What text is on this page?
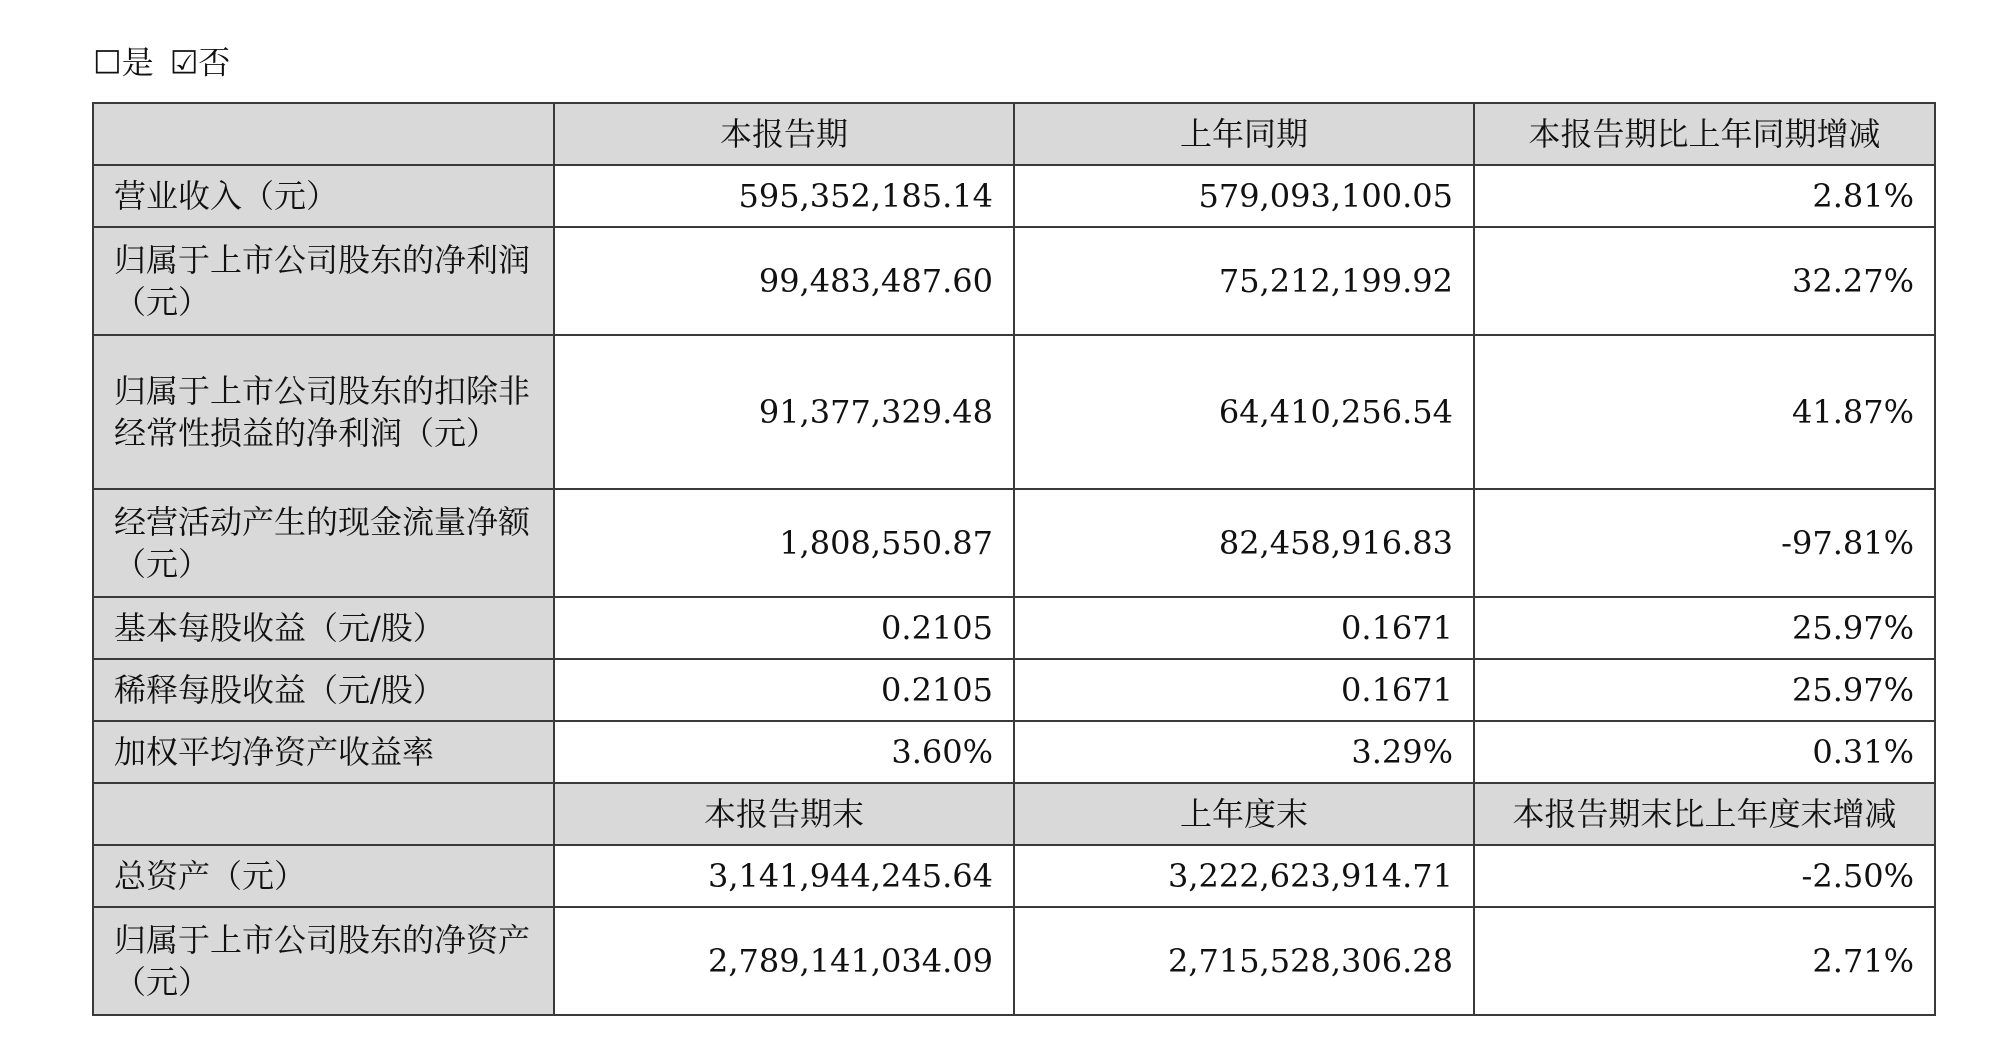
☐是 ☑否
	本报告期	上年同期	本报告期比上年同期增减
营业收入（元）	595,352,185.14	579,093,100.05	2.81%
归属于上市公司股东的净利润（元）	99,483,487.60	75,212,199.92	32.27%
归属于上市公司股东的扣除非经常性损益的净利润（元）	91,377,329.48	64,410,256.54	41.87%
经营活动产生的现金流量净额（元）	1,808,550.87	82,458,916.83	-97.81%
基本每股收益（元/股）	0.2105	0.1671	25.97%
稀释每股收益（元/股）	0.2105	0.1671	25.97%
加权平均净资产收益率	3.60%	3.29%	0.31%
	本报告期末	上年度末	本报告期末比上年度末增减
总资产（元）	3,141,944,245.64	3,222,623,914.71	-2.50%
归属于上市公司股东的净资产（元）	2,789,141,034.09	2,715,528,306.28	2.71%
